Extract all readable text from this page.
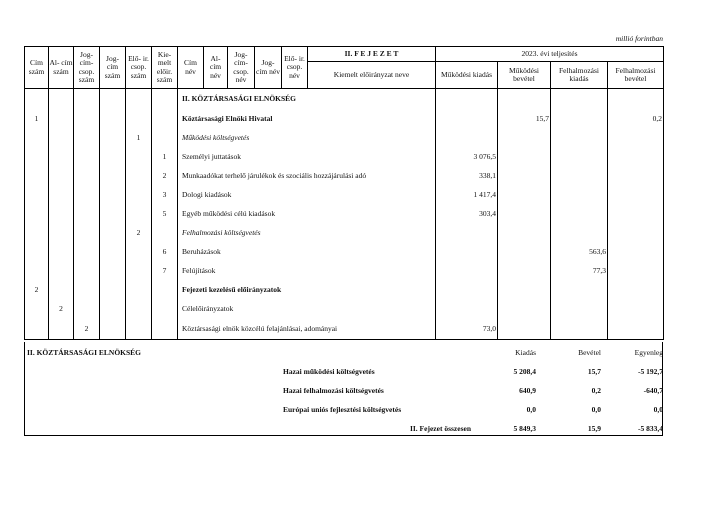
millió forintban
Cím szám	Al- cím szám	Jog- cím- csop. szám	Jog- cím szám	Elő- ir. csop. szám	Kie- melt előir. szám	Cím név	Al- cím név	Jog- cím- csop. név	Jog- cím név	Elő- ir. csop. név	II. F E J E Z E T	2023. évi teljesítés			
											Kiemelt előirányzat neve	Működési kiadás	Működési bevétel	Felhalmozási kiadás	Felhalmozási bevétel
						II. KÖZTÁRSASÁGI ELNÖKSÉG									
1						Köztársasági Elnöki Hivatal							15,7		0,2
				1		Működési költségvetés									
					1	Személyi juttatások						3 076,5			
					2	Munkaadókat terhelő járulékok és szociális hozzájárulási adó						338,1			
					3	Dologi kiadások						1 417,4			
					5	Egyéb működési célú kiadások						303,4			
				2		Felhalmozási költségvetés									
					6	Beruházások								563,6	
					7	Felújítások								77,3	
2						Fejezeti kezelésű előirányzatok									
	2					Célelőirányzatok									
		2				Köztársasági elnök közcélú felajánlásai, adományai						73,0			
II. KÖZTÁRSASÁGI ELNÖKSÉG	Kiadás	Bevétel	Egyenleg
Hazai működési költségvetés	5 208,4	15,7	-5 192,7
Hazai felhalmozási költségvetés	640,9	0,2	-640,7
Európai uniós fejlesztési költségvetés	0,0	0,0	0,0
II. Fejezet összesen	5 849,3	15,9	-5 833,4
